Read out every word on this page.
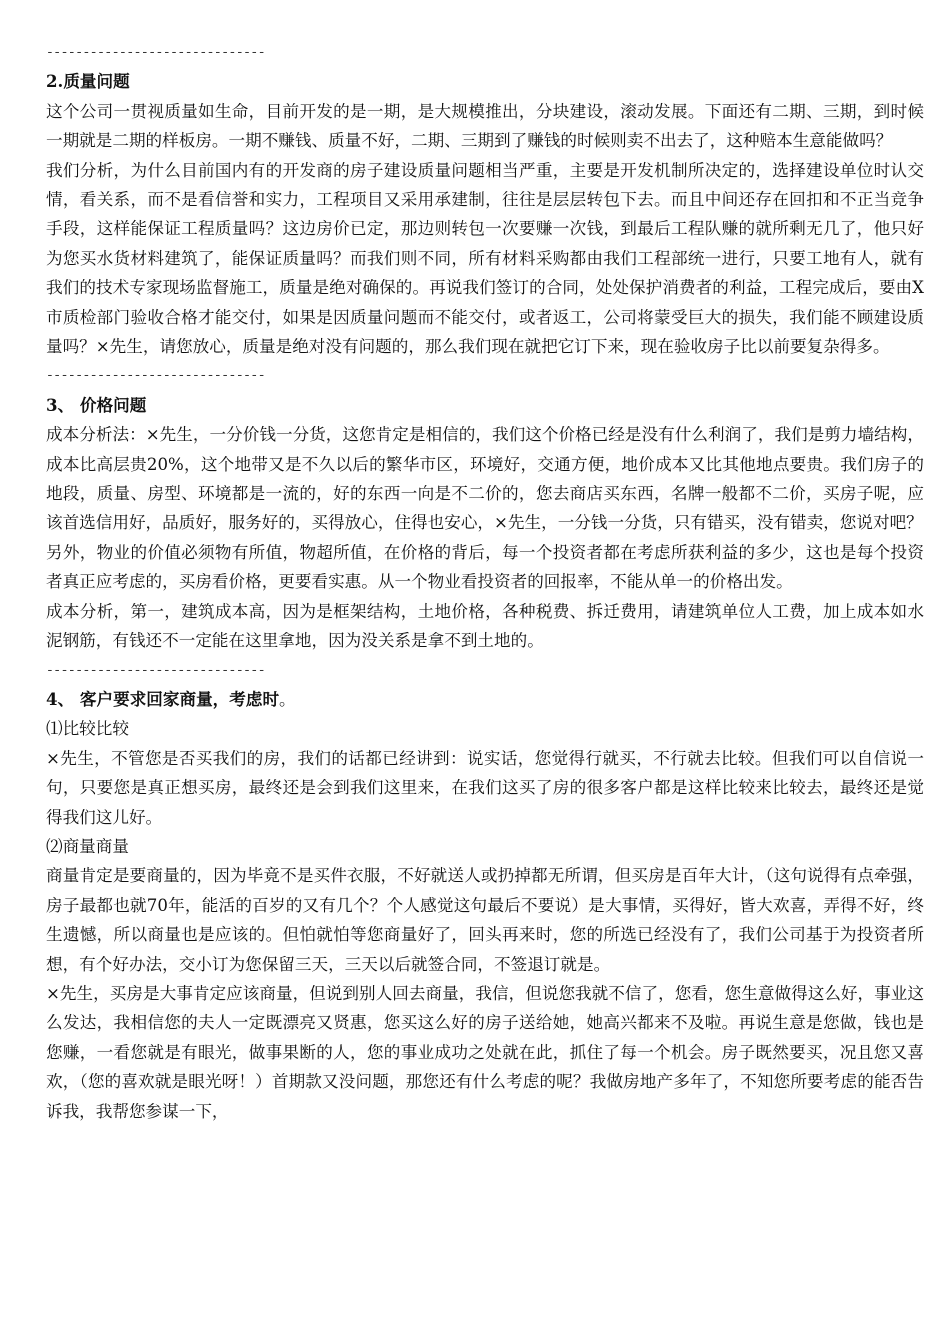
------------------------------
2.质量问题

这个公司一贯视质量如生命，目前开发的是一期，是大规模推出，分块建设，滚动发展。下面还有二期、三期，到时候一期就是二期的样板房。一期不赚钱、质量不好，二期、三期到了赚钱的时候则卖不出去了，这种赔本生意能做吗？

我们分析，为什么目前国内有的开发商的房子建设质量问题相当严重，主要是开发机制所决定的，选择建设单位时认交情，看关系，而不是看信誉和实力，工程项目又采用承建制，往往是层层转包下去。而且中间还存在回扣和不正当竞争手段，这样能保证工程质量吗？这边房价已定，那边则转包一次要赚一次钱，到最后工程队赚的就所剩无几了，他只好为您买水货材料建筑了，能保证质量吗？而我们则不同，所有材料采购都由我们工程部统一进行，只要工地有人，就有我们的技术专家现场监督施工，质量是绝对确保的。再说我们签订的合同，处处保护消费者的利益，工程完成后，要由X市质检部门验收合格才能交付，如果是因质量问题而不能交付，或者返工，公司将蒙受巨大的损失，我们能不顾建设质量吗？×先生，请您放心，质量是绝对没有问题的，那么我们现在就把它订下来，现在验收房子比以前要复杂得多。

------------------------------
3、 价格问题

成本分析法：×先生，一分价钱一分货，这您肯定是相信的，我们这个价格已经是没有什么利润了，我们是剪力墙结构，成本比高层贵20%，这个地带又是不久以后的繁华市区，环境好，交通方便，地价成本又比其他地点要贵。我们房子的地段，质量、房型、环境都是一流的，好的东西一向是不二价的，您去商店买东西，名牌一般都不二价，买房子呢，应该首选信用好，品质好，服务好的，买得放心，住得也安心，×先生，一分钱一分货，只有错买，没有错卖，您说对吧？

另外，物业的价值必须物有所值，物超所值，在价格的背后，每一个投资者都在考虑所获利益的多少，这也是每个投资者真正应考虑的，买房看价格，更要看实惠。从一个物业看投资者的回报率，不能从单一的价格出发。

成本分析，第一，建筑成本高，因为是框架结构，土地价格，各种税费、拆迁费用，请建筑单位人工费，加上成本如水泥钢筋，有钱还不一定能在这里拿地，因为没关系是拿不到土地的。

------------------------------
4、 客户要求回家商量，考虑时。
⑴比较比较

×先生，不管您是否买我们的房，我们的话都已经讲到：说实话，您觉得行就买，不行就去比较。但我们可以自信说一句，只要您是真正想买房，最终还是会到我们这里来，在我们这买了房的很多客户都是这样比较来比较去，最终还是觉得我们这儿好。

⑵商量商量

商量肯定是要商量的，因为毕竟不是买件衣服，不好就送人或扔掉都无所谓，但买房是百年大计，（这句说得有点牵强，房子最都也就70年，能活的百岁的又有几个？个人感觉这句最后不要说）是大事情，买得好，皆大欢喜，弄得不好，终生遗憾，所以商量也是应该的。但怕就怕等您商量好了，回头再来时，您的所选已经没有了，我们公司基于为投资者所想，有个好办法，交小订为您保留三天，三天以后就签合同，不签退订就是。

×先生，买房是大事肯定应该商量，但说到别人回去商量，我信，但说您我就不信了，您看，您生意做得这么好，事业这么发达，我相信您的夫人一定既漂亮又贤惠，您买这么好的房子送给她，她高兴都来不及啦。再说生意是您做，钱也是您赚，一看您就是有眼光，做事果断的人，您的事业成功之处就在此，抓住了每一个机会。房子既然要买，况且您又喜欢，（您的喜欢就是眼光呀！）首期款又没问题，那您还有什么考虑的呢？我做房地产多年了，不知您所要考虑的能否告诉我，我帮您参谋一下，
